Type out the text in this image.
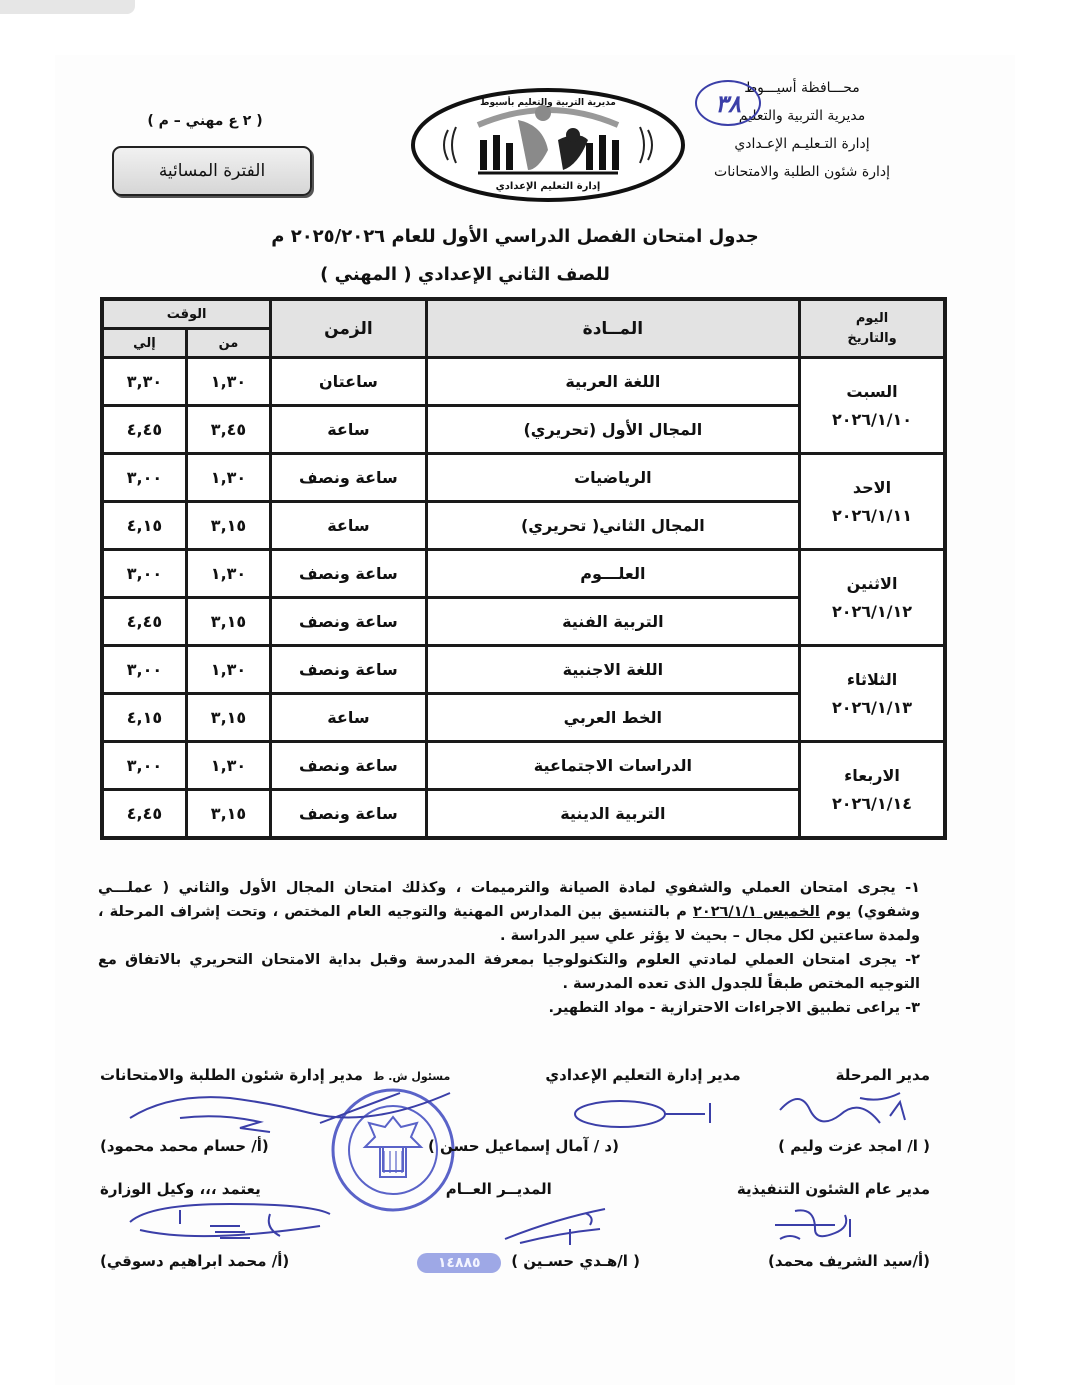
محـــافظة أسيـــوط
مديرية التربية والتعليم
إدارة التـعليـم الإعـدادي
إدارة شئون الطلبة والامتحانات
٣٨
مديرية التربية والتعليم بأسيوط
إدارة التعليم الإعدادي
( ٢ ع مهني – م )
الفترة المسائية
جدول امتحان الفصل الدراسي الأول للعام ٢٠٢٥/٢٠٢٦ م
للصف الثاني الإعدادي ( المهني )
اليوم
والتاريخ	المــادة	الزمن	الوقت	
			من	إلي

السبت
٢٠٢٦/١/١٠	اللغة العربية	ساعتان	١,٣٠	٣,٣٠
	المجال الأول (تحريري)	ساعة	٣,٤٥	٤,٤٥

الاحد
٢٠٢٦/١/١١	الرياضيات	ساعة ونصف	١,٣٠	٣,٠٠
	المجال الثاني( تحريري)	ساعة	٣,١٥	٤,١٥

الاثنين
٢٠٢٦/١/١٢	العلـــوم	ساعة ونصف	١,٣٠	٣,٠٠
	التربية الفنية	ساعة ونصف	٣,١٥	٤,٤٥

الثلاثاء
٢٠٢٦/١/١٣	اللغة الاجنبية	ساعة ونصف	١,٣٠	٣,٠٠
	الخط العربي	ساعة	٣,١٥	٤,١٥

الاربعاء
٢٠٢٦/١/١٤	الدراسات الاجتماعية	ساعة ونصف	١,٣٠	٣,٠٠
	التربية الدينية	ساعة ونصف	٣,١٥	٤,٤٥

١- يجرى امتحان العملي والشفوي لمادة الصيانة والترميمات ، وكذلك امتحان المجال الأول والثاني ( عملـــي وشفوي) يوم الخميس ٢٠٢٦/١/١ م بالتنسيق بين المدارس المهنية والتوجيه العام المختص ، وتحت إشراف المرحلة ، ولمدة ساعتين لكل مجال – بحيث لا يؤثر علي سير الدراسة .

٢- يجرى امتحان العملي لمادتي العلوم والتكنولوجيا بمعرفة المدرسة وقبل بداية الامتحان التحريري بالاتفاق مع التوجيه المختص طبقاً للجدول الذى تعده المدرسة .

٣- يراعى تطبيق الاجراءات الاحترازية - مواد التطهير.

مدير المرحلة
مدير إدارة التعليم الإعدادي
مسئول ش. ط
مدير إدارة شئون الطلبة والامتحانات
( ا/ امجد عزت وليم )
(د / آمال إسماعيل حسن )
(أ/ حسام محمد محمود)
مدير عام الشئون التنفيذية
المديــر العــام
يعتمد ،،، وكيل الوزارة
(أ/سيد الشريف محمد)
( ا/هـدي حسـين )
١٤٨٨٥
(أ/ محمد ابراهيم دسوقي)
